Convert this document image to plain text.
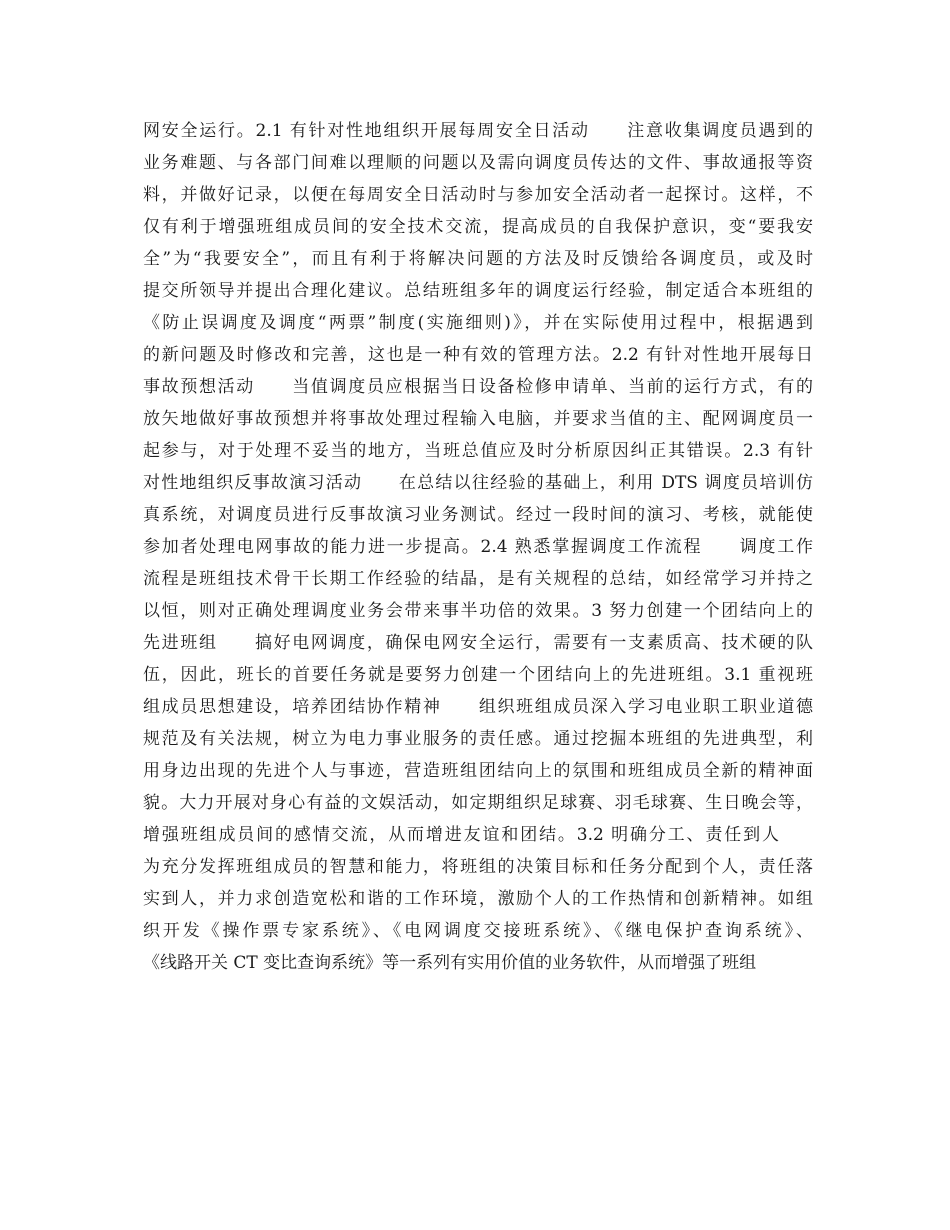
网安全运行。2.1 有针对性地组织开展每周安全日活动　　注意收集调度员遇到的
业务难题、与各部门间难以理顺的问题以及需向调度员传达的文件、事故通报等资
料，并做好记录，以便在每周安全日活动时与参加安全活动者一起探讨。这样，不
仅有利于增强班组成员间的安全技术交流，提高成员的自我保护意识，变“要我安
全”为“我要安全”，而且有利于将解决问题的方法及时反馈给各调度员，或及时
提交所领导并提出合理化建议。总结班组多年的调度运行经验，制定适合本班组的
《防止误调度及调度“两票”制度(实施细则)》，并在实际使用过程中，根据遇到
的新问题及时修改和完善，这也是一种有效的管理方法。2.2 有针对性地开展每日
事故预想活动　　当值调度员应根据当日设备检修申请单、当前的运行方式，有的
放矢地做好事故预想并将事故处理过程输入电脑，并要求当值的主、配网调度员一
起参与，对于处理不妥当的地方，当班总值应及时分析原因纠正其错误。2.3 有针
对性地组织反事故演习活动　　在总结以往经验的基础上，利用 DTS 调度员培训仿
真系统，对调度员进行反事故演习业务测试。经过一段时间的演习、考核，就能使
参加者处理电网事故的能力进一步提高。2.4 熟悉掌握调度工作流程　　调度工作
流程是班组技术骨干长期工作经验的结晶，是有关规程的总结，如经常学习并持之
以恒，则对正确处理调度业务会带来事半功倍的效果。3 努力创建一个团结向上的
先进班组　　搞好电网调度，确保电网安全运行，需要有一支素质高、技术硬的队
伍，因此，班长的首要任务就是要努力创建一个团结向上的先进班组。3.1 重视班
组成员思想建设，培养团结协作精神　　组织班组成员深入学习电业职工职业道德
规范及有关法规，树立为电力事业服务的责任感。通过挖掘本班组的先进典型，利
用身边出现的先进个人与事迹，营造班组团结向上的氛围和班组成员全新的精神面
貌。大力开展对身心有益的文娱活动，如定期组织足球赛、羽毛球赛、生日晚会等，
增强班组成员间的感情交流，从而增进友谊和团结。3.2 明确分工、责任到人　　
为充分发挥班组成员的智慧和能力，将班组的决策目标和任务分配到个人，责任落
实到人，并力求创造宽松和谐的工作环境，激励个人的工作热情和创新精神。如组
织开发《操作票专家系统》、《电网调度交接班系统》、《继电保护查询系统》、
《线路开关 CT 变比查询系统》等一系列有实用价值的业务软件，从而增强了班组
